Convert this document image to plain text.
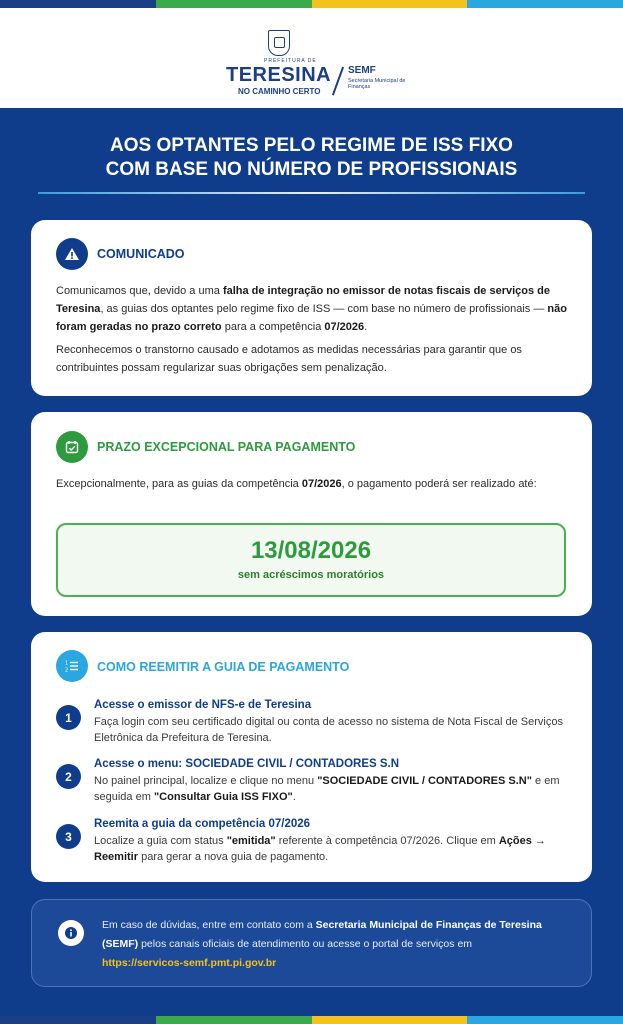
PREFEITURA DE
TERESINA
NO CAMINHO CERTO
SEMF
Secretaria Municipal de Finanças
AOS OPTANTES PELO REGIME DE ISS FIXO
COM BASE NO NÚMERO DE PROFISSIONAIS
COMUNICADO
Comunicamos que, devido a uma falha de integração no emissor de notas fiscais de serviços de Teresina, as guias dos optantes pelo regime fixo de ISS — com base no número de profissionais — não foram geradas no prazo correto para a competência 07/2026.
Reconhecemos o transtorno causado e adotamos as medidas necessárias para garantir que os contribuintes possam regularizar suas obrigações sem penalização.
PRAZO EXCEPCIONAL PARA PAGAMENTO
Excepcionalmente, para as guias da competência 07/2026, o pagamento poderá ser realizado até:
13/08/2026
sem acréscimos moratórios
1
2 COMO REEMITIR A GUIA DE PAGAMENTO
1
Acesse o emissor de NFS-e de Teresina
Faça login com seu certificado digital ou conta de acesso no sistema de Nota Fiscal de Serviços Eletrônica da Prefeitura de Teresina.
2
Acesse o menu: SOCIEDADE CIVIL / CONTADORES S.N
No painel principal, localize e clique no menu "SOCIEDADE CIVIL / CONTADORES S.N" e em seguida em "Consultar Guia ISS FIXO".
3
Reemita a guia da competência 07/2026
Localize a guia com status "emitida" referente à competência 07/2026. Clique em Ações → Reemitir para gerar a nova guia de pagamento.
Em caso de dúvidas, entre em contato com a Secretaria Municipal de Finanças de Teresina (SEMF) pelos canais oficiais de atendimento ou acesse o portal de serviços em
https://servicos-semf.pmt.pi.gov.br
